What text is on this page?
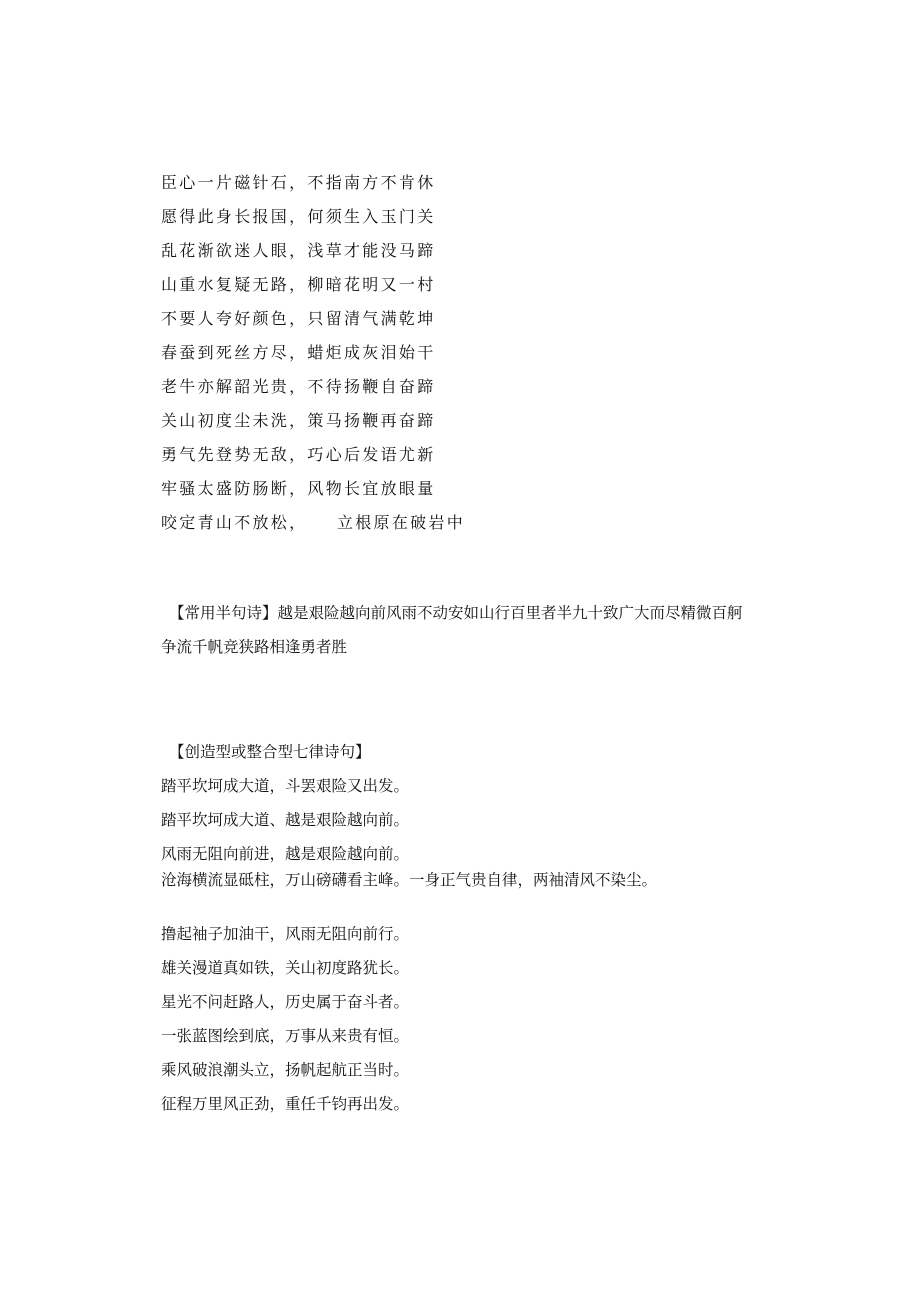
臣心一片磁针石，不指南方不肯休
愿得此身长报国，何须生入玉门关
乱花渐欲迷人眼，浅草才能没马蹄
山重水复疑无路，柳暗花明又一村
不要人夸好颜色，只留清气满乾坤
春蚕到死丝方尽，蜡炬成灰泪始干
老牛亦解韶光贵，不待扬鞭自奋蹄
关山初度尘未洗，策马扬鞭再奋蹄
勇气先登势无敌，巧心后发语尤新
牢骚太盛防肠断，风物长宜放眼量
咬定青山不放松，    立根原在破岩中
【常用半句诗】越是艰险越向前风雨不动安如山行百里者半九十致广大而尽精微百舸
争流千帆竞狭路相逢勇者胜
【创造型或整合型七律诗句】
踏平坎坷成大道，斗罢艰险又出发。
踏平坎坷成大道、越是艰险越向前。
风雨无阻向前进，越是艰险越向前。
沧海横流显砥柱，万山磅礴看主峰。一身正气贵自律，两袖清风不染尘。
撸起袖子加油干，风雨无阻向前行。
雄关漫道真如铁，关山初度路犹长。
星光不问赶路人，历史属于奋斗者。
一张蓝图绘到底，万事从来贵有恒。
乘风破浪潮头立，扬帆起航正当时。
征程万里风正劲，重任千钧再出发。
